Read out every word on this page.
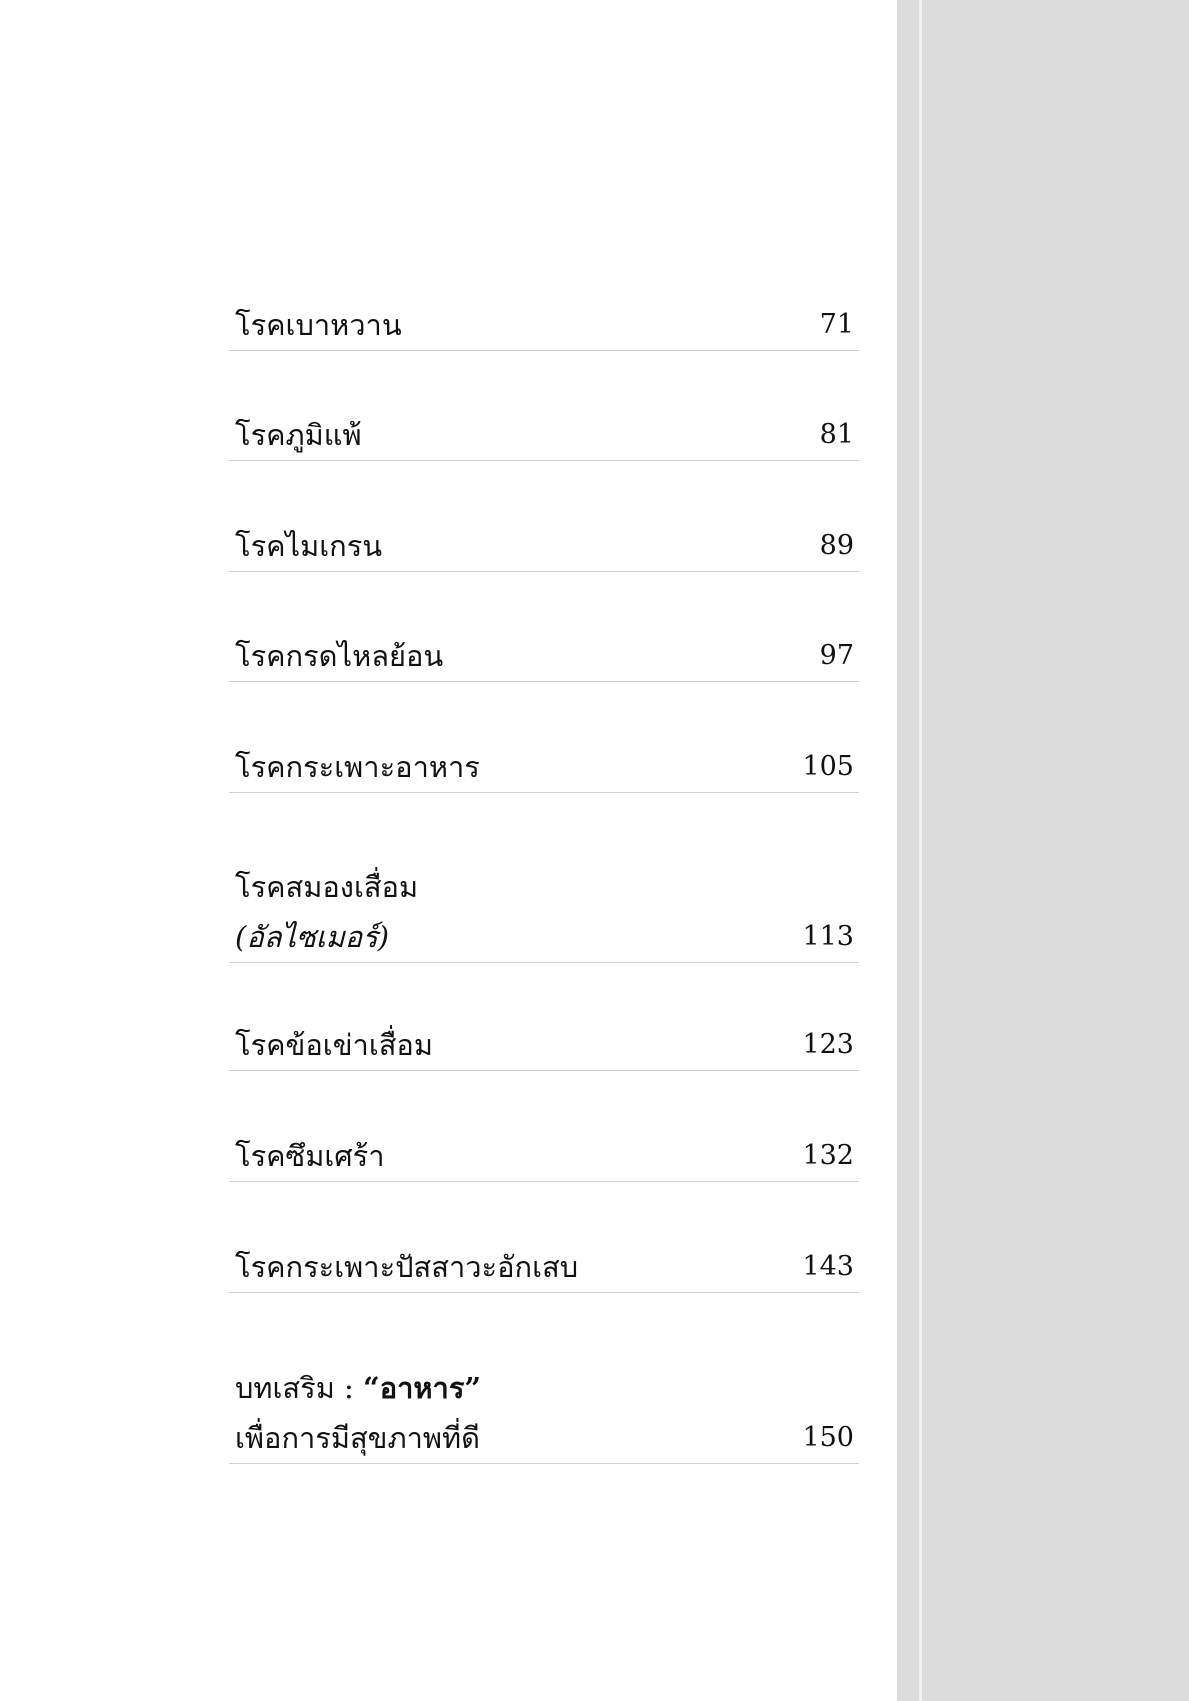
โรคเบาหวาน	71
โรคภูมิแพ้	81
โรคไมเกรน	89
โรคกรดไหลย้อน	97
โรคกระเพาะอาหาร	105
โรคสมองเสื่อม
(อัลไซเมอร์)	113
โรคข้อเข่าเสื่อม	123
โรคซึมเศร้า	132
โรคกระเพาะปัสสาวะอักเสบ	143
บทเสริม : “อาหาร”
เพื่อการมีสุขภาพที่ดี	150
